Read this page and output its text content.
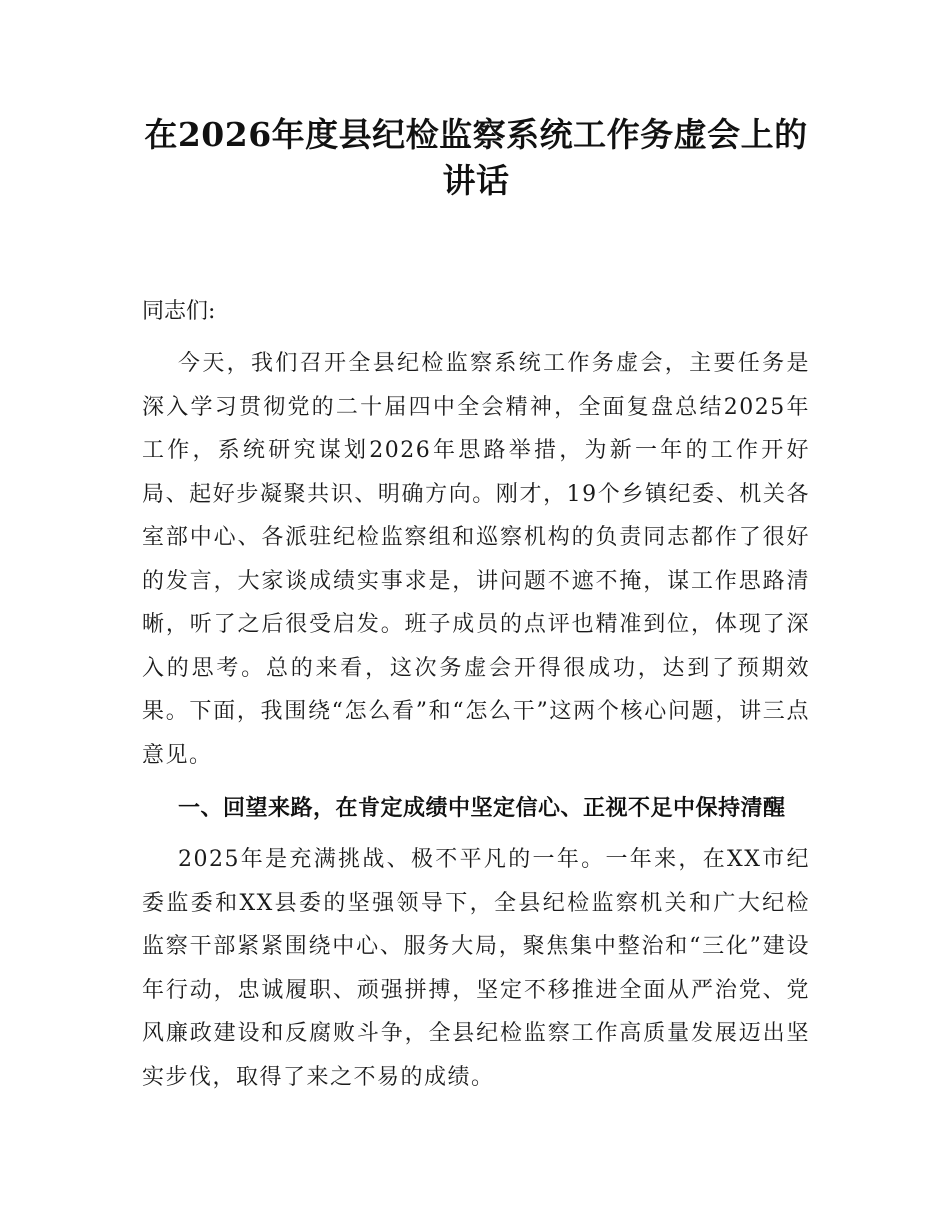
在2026年度县纪检监察系统工作务虚会上的
讲话

同志们:

今天，我们召开全县纪检监察系统工作务虚会，主要任务是深入学习贯彻党的二十届四中全会精神，全面复盘总结2025年工作，系统研究谋划2026年思路举措，为新一年的工作开好局、起好步凝聚共识、明确方向。刚才，19个乡镇纪委、机关各室部中心、各派驻纪检监察组和巡察机构的负责同志都作了很好的发言，大家谈成绩实事求是，讲问题不遮不掩，谋工作思路清晰，听了之后很受启发。班子成员的点评也精准到位，体现了深入的思考。总的来看，这次务虚会开得很成功，达到了预期效果。下面，我围绕“怎么看”和“怎么干”这两个核心问题，讲三点意见。

一、回望来路，在肯定成绩中坚定信心、正视不足中保持清醒

2025年是充满挑战、极不平凡的一年。一年来，在XX市纪委监委和XX县委的坚强领导下，全县纪检监察机关和广大纪检监察干部紧紧围绕中心、服务大局，聚焦集中整治和“三化”建设年行动，忠诚履职、顽强拼搏，坚定不移推进全面从严治党、党风廉政建设和反腐败斗争，全县纪检监察工作高质量发展迈出坚实步伐，取得了来之不易的成绩。
